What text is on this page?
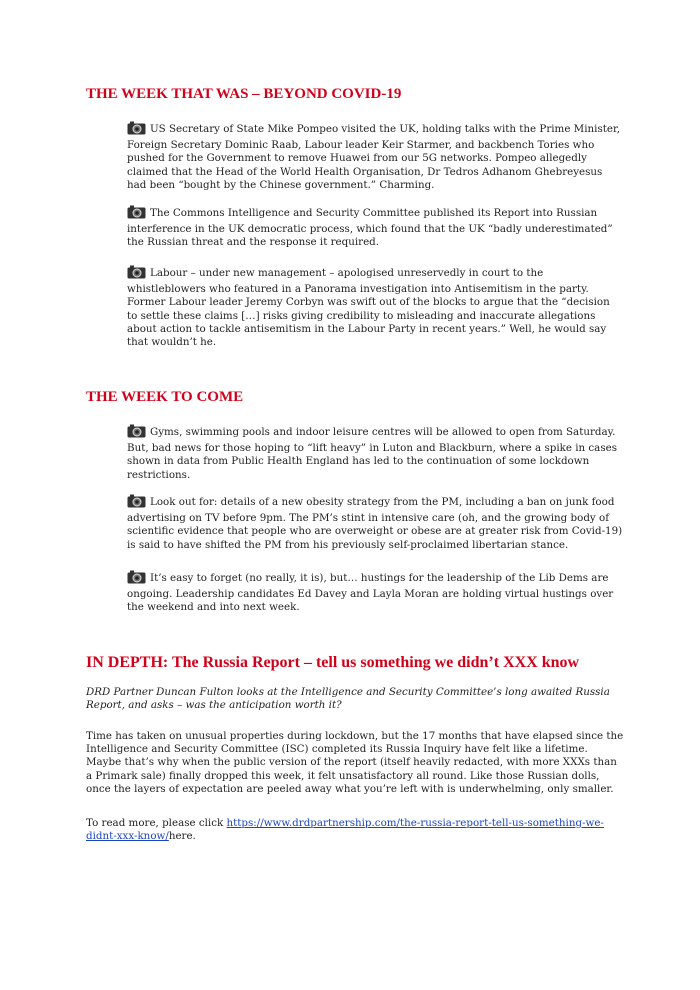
THE WEEK THAT WAS – BEYOND COVID-19

US Secretary of State Mike Pompeo visited the UK, holding talks with the Prime Minister, Foreign Secretary Dominic Raab, Labour leader Keir Starmer, and backbench Tories who pushed for the Government to remove Huawei from our 5G networks. Pompeo allegedly claimed that the Head of the World Health Organisation, Dr Tedros Adhanom Ghebreyesus had been “bought by the Chinese government.” Charming.

The Commons Intelligence and Security Committee published its Report into Russian interference in the UK democratic process, which found that the UK “badly underestimated” the Russian threat and the response it required.

Labour – under new management – apologised unreservedly in court to the whistleblowers who featured in a Panorama investigation into Antisemitism in the party. Former Labour leader Jeremy Corbyn was swift out of the blocks to argue that the “decision to settle these claims […] risks giving credibility to misleading and inaccurate allegations about action to tackle antisemitism in the Labour Party in recent years.” Well, he would say that wouldn’t he.

THE WEEK TO COME

Gyms, swimming pools and indoor leisure centres will be allowed to open from Saturday. But, bad news for those hoping to “lift heavy” in Luton and Blackburn, where a spike in cases shown in data from Public Health England has led to the continuation of some lockdown restrictions.

Look out for: details of a new obesity strategy from the PM, including a ban on junk food advertising on TV before 9pm. The PM’s stint in intensive care (oh, and the growing body of scientific evidence that people who are overweight or obese are at greater risk from Covid-19) is said to have shifted the PM from his previously self-proclaimed libertarian stance.

It’s easy to forget (no really, it is), but… hustings for the leadership of the Lib Dems are ongoing. Leadership candidates Ed Davey and Layla Moran are holding virtual hustings over the weekend and into next week.

IN DEPTH: The Russia Report – tell us something we didn’t XXX know

DRD Partner Duncan Fulton looks at the Intelligence and Security Committee’s long awaited Russia Report, and asks – was the anticipation worth it?

Time has taken on unusual properties during lockdown, but the 17 months that have elapsed since the Intelligence and Security Committee (ISC) completed its Russia Inquiry have felt like a lifetime. Maybe that’s why when the public version of the report (itself heavily redacted, with more XXXs than a Primark sale) finally dropped this week, it felt unsatisfactory all round. Like those Russian dolls, once the layers of expectation are peeled away what you’re left with is underwhelming, only smaller.

To read more, please click https://www.drdpartnership.com/the-russia-report-tell-us-something-we-didnt-xxx-know/here.
